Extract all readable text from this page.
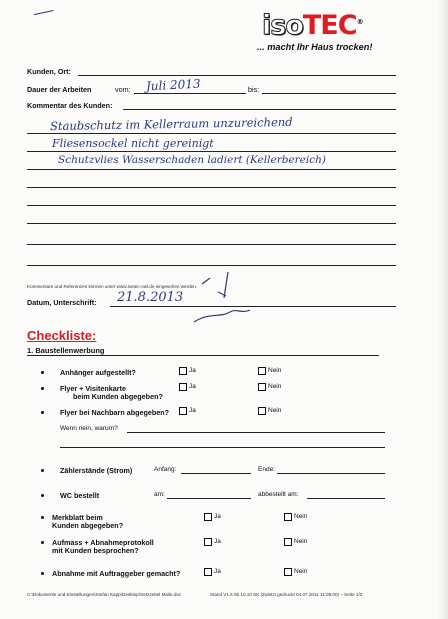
isoTEC®
... macht Ihr Haus trocken!
Kunden, Ort:
Dauer der Arbeiten	vom: Juli 2013	bis:
Kommentar des Kunden:
Staubschutz im Kellerraum unzureichend
Fliesensockel nicht gereinigt
Schutzvlies Wasserschaden ladiert (Kellerbereich)
Kommentare und Referenzen können unter www.isotec-owl.de eingesehen werden.
Datum, Unterschrift: 21.8.2013
Checkliste:
1. Baustellenwerbung
Anhänger aufgestellt?	Ja	Nein
Flyer + Visitenkarte
beim Kunden abgegeben?
Ja	Nein
Flyer bei Nachbarn abgegeben?	Ja	Nein
Wenn nein, warum?
Zählerstände (Strom)	Anfang:	Ende:
WC bestellt	am:	abbestellt am:
Merkblatt beim
Kunden abgegeben?
Ja	Nein
Aufmass + Abnahmeprotokoll
mit Kunden besprochen?
Ja	Nein
Abnahme mit Auftraggeber gemacht?	Ja	Nein
C:\Dokumente und Einstellungen\Stefan Kapp\Desktop\Setzzettel Maile.doc	Stand V1.6 06.10.10 SK (Zuletzt gedruckt 04.07.2011 11:09:00) – Seite 1/2
